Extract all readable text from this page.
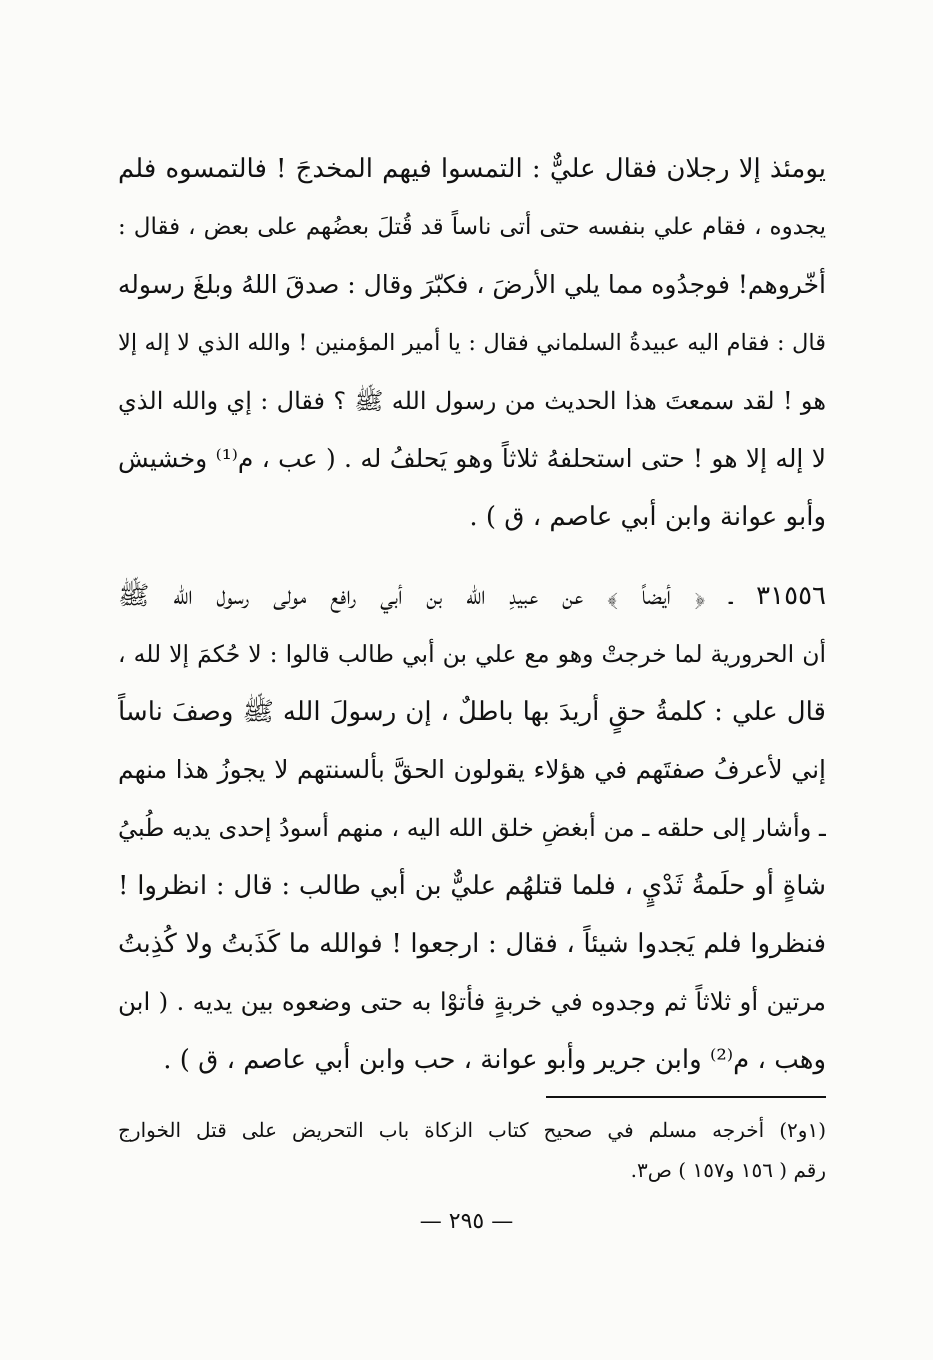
يومئذ إلا رجلان فقال عليٌّ : التمسوا فيهم المخدجَ ! فالتمسوه فلم
يجدوه ، فقام علي بنفسه حتى أتى ناساً قد قُتلَ بعضُهم على بعض ، فقال :
أخّروهم! فوجدُوه مما يلي الأرضَ ، فكبّرَ وقال : صدقَ اللهُ وبلغَ رسوله
قال : فقام اليه عبيدةُ السلماني فقال : يا أمير المؤمنين ! والله الذي لا إله إلا
هو ! لقد سمعتَ هذا الحديث من رسول الله ﷺ ؟ فقال : إي والله الذي
لا إله إلا هو ! حتى استحلفهُ ثلاثاً وهو يَحلفُ له . ( عب ، م⁽¹⁾ وخشيش
وأبو عوانة وابن أبي عاصم ، ق ) .
٣١٥٥٦ ـ ﴿ أيضاً ﴾ عن عبيدِ الله بن أبي رافع مولى رسول الله ﷺ
أن الحرورية لما خرجتْ وهو مع علي بن أبي طالب قالوا : لا حُكمَ إلا لله ،
قال علي : كلمةُ حقٍ أريدَ بها باطلٌ ، إن رسولَ الله ﷺ وصفَ ناساً
إني لأعرفُ صفتَهم في هؤلاء يقولون الحقَّ بألسنتهم لا يجوزُ هذا منهم
ـ وأشار إلى حلقه ـ من أبغضِ خلق الله اليه ، منهم أسودُ إحدى يديه طُبيُ
شاةٍ أو حلَمةُ ثَدْيٍ ، فلما قتلهُم عليٌّ بن أبي طالب : قال : انظروا !
فنظروا فلم يَجدوا شيئاً ، فقال : ارجعوا ! فوالله ما كَذَبتُ ولا كُذِبتُ
مرتين أو ثلاثاً ثم وجدوه في خربةٍ فأتوْا به حتى وضعوه بين يديه . ( ابن
وهب ، م⁽²⁾ وابن جرير وأبو عوانة ، حب وابن أبي عاصم ، ق ) .
(١و٢) أخرجه مسلم في صحيح كتاب الزكاة باب التحريض على قتل الخوارج
رقم ( ١٥٦ و١٥٧ ) ص٣.
— ٢٩٥ —
